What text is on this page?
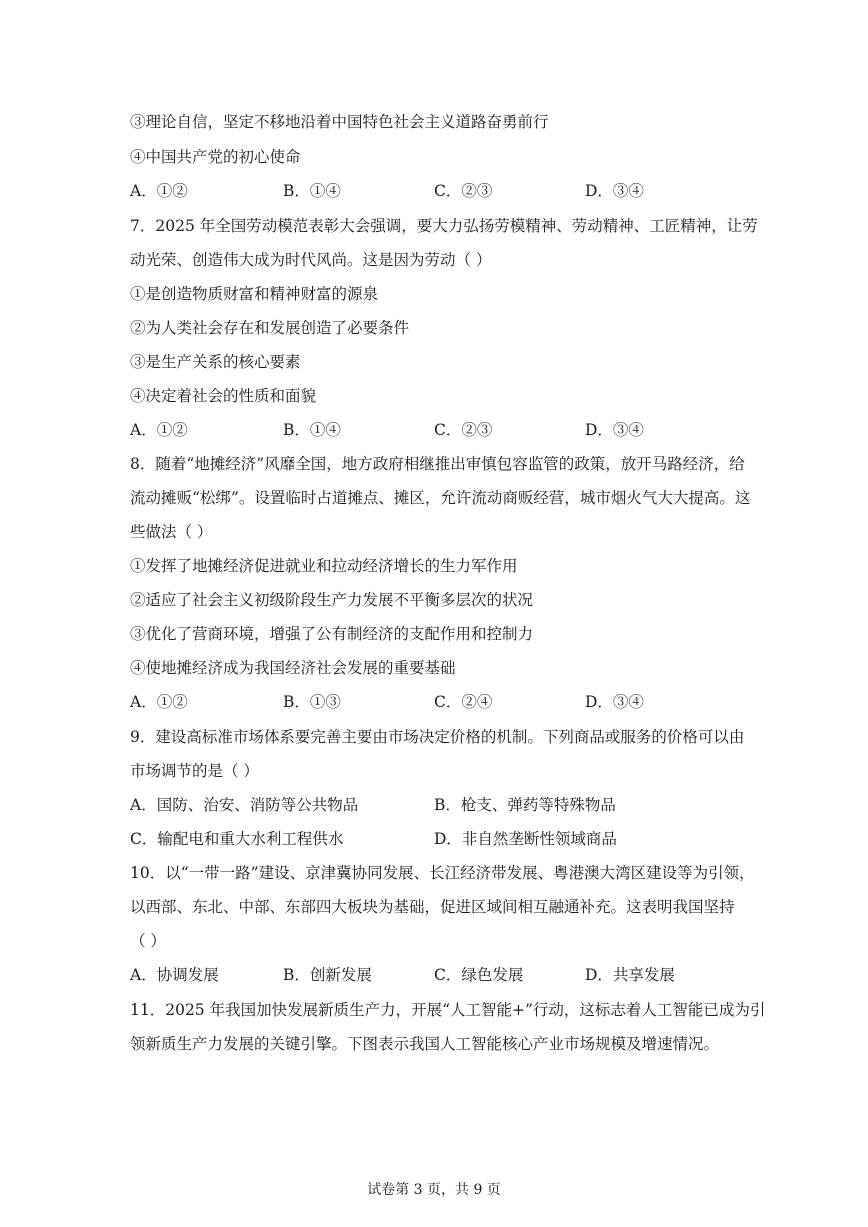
③理论自信，坚定不移地沿着中国特色社会主义道路奋勇前行
④中国共产党的初心使命
A．①②	B．①④	C．②③	D．③④
7．2025 年全国劳动模范表彰大会强调，要大力弘扬劳模精神、劳动精神、工匠精神，让劳
动光荣、创造伟大成为时代风尚。这是因为劳动（ ）
①是创造物质财富和精神财富的源泉
②为人类社会存在和发展创造了必要条件
③是生产关系的核心要素
④决定着社会的性质和面貌
A．①②	B．①④	C．②③	D．③④
8．随着“地摊经济”风靡全国，地方政府相继推出审慎包容监管的政策，放开马路经济，给
流动摊贩“松绑”。设置临时占道摊点、摊区，允许流动商贩经营，城市烟火气大大提高。这
些做法（ ）
①发挥了地摊经济促进就业和拉动经济增长的生力军作用
②适应了社会主义初级阶段生产力发展不平衡多层次的状况
③优化了营商环境，增强了公有制经济的支配作用和控制力
④使地摊经济成为我国经济社会发展的重要基础
A．①②	B．①③	C．②④	D．③④
9．建设高标准市场体系要完善主要由市场决定价格的机制。下列商品或服务的价格可以由
市场调节的是（ ）
A．国防、治安、消防等公共物品	B．枪支、弹药等特殊物品
C．输配电和重大水利工程供水	D．非自然垄断性领域商品
10．以“一带一路”建设、京津冀协同发展、长江经济带发展、粤港澳大湾区建设等为引领，
以西部、东北、中部、东部四大板块为基础，促进区域间相互融通补充。这表明我国坚持
（ ）
A．协调发展	B．创新发展	C．绿色发展	D．共享发展
11．2025 年我国加快发展新质生产力，开展“人工智能+”行动，这标志着人工智能已成为引
领新质生产力发展的关键引擎。下图表示我国人工智能核心产业市场规模及增速情况。
试卷第 3 页，共 9 页
